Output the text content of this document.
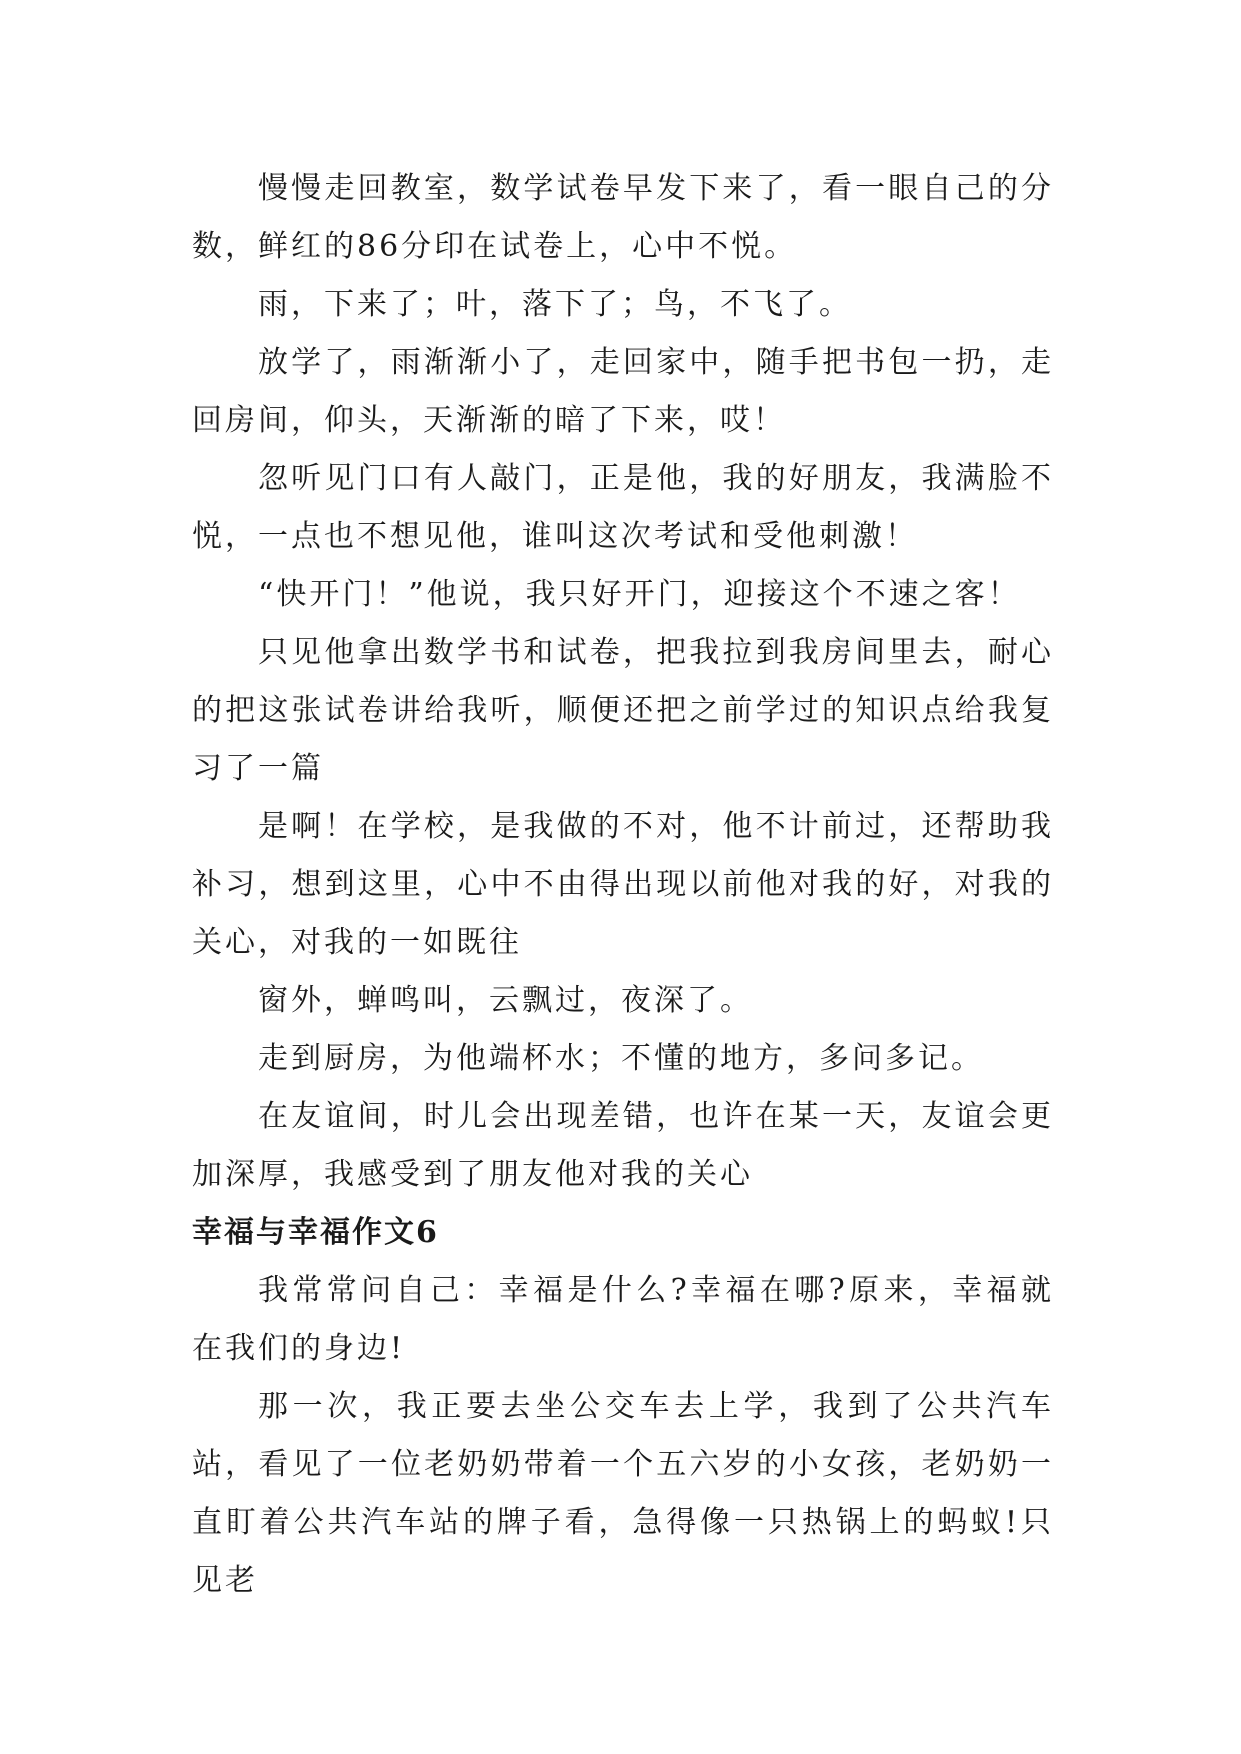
慢慢走回教室，数学试卷早发下来了，看一眼自己的分数，鲜红的86分印在试卷上，心中不悦。

雨，下来了；叶，落下了；鸟，不飞了。

放学了，雨渐渐小了，走回家中，随手把书包一扔，走回房间，仰头，天渐渐的暗了下来，哎！

忽听见门口有人敲门，正是他，我的好朋友，我满脸不悦，一点也不想见他，谁叫这次考试和受他刺激！

“快开门！”他说，我只好开门，迎接这个不速之客！

只见他拿出数学书和试卷，把我拉到我房间里去，耐心的把这张试卷讲给我听，顺便还把之前学过的知识点给我复习了一篇

是啊！在学校，是我做的不对，他不计前过，还帮助我补习，想到这里，心中不由得出现以前他对我的好，对我的关心，对我的一如既往

窗外，蝉鸣叫，云飘过，夜深了。

走到厨房，为他端杯水；不懂的地方，多问多记。

在友谊间，时儿会出现差错，也许在某一天，友谊会更加深厚，我感受到了朋友他对我的关心

幸福与幸福作文6

我常常问自己：幸福是什么?幸福在哪?原来，幸福就在我们的身边!

那一次，我正要去坐公交车去上学，我到了公共汽车站，看见了一位老奶奶带着一个五六岁的小女孩，老奶奶一直盯着公共汽车站的牌子看，急得像一只热锅上的蚂蚁!只见老
